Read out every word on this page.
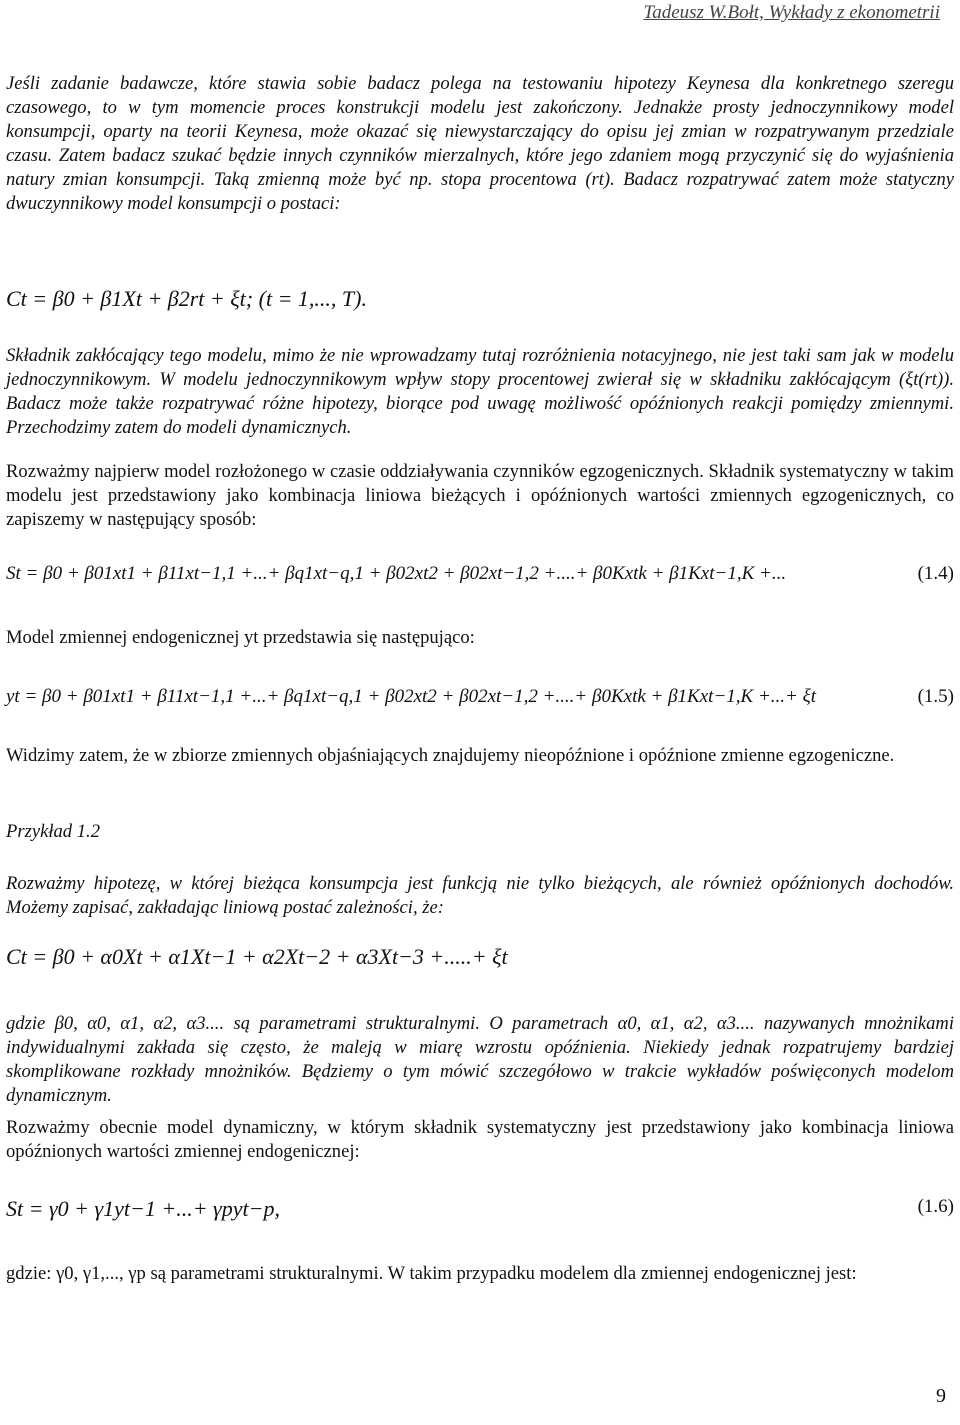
Tadeusz W.Bołt, Wykłady z ekonometrii
Jeśli zadanie badawcze, które stawia sobie badacz polega na testowaniu hipotezy Keynesa dla konkretnego szeregu czasowego, to w tym momencie proces konstrukcji modelu jest zakończony. Jednakże prosty jednoczynnikowy model konsumpcji, oparty na teorii Keynesa, może okazać się niewystarczający do opisu jej zmian w rozpatrywanym przedziale czasu. Zatem badacz szukać będzie innych czynników mierzalnych, które jego zdaniem mogą przyczynić się do wyjaśnienia natury zmian konsumpcji. Taką zmienną może być np. stopa procentowa (rt). Badacz rozpatrywać zatem może statyczny dwuczynnikowy model konsumpcji o postaci:
Ct = β0 + β1Xt + β2rt + ξt; (t = 1,..., T).
Składnik zakłócający tego modelu, mimo że nie wprowadzamy tutaj rozróżnienia notacyjnego, nie jest taki sam jak w modelu jednoczynnikowym. W modelu jednoczynnikowym wpływ stopy procentowej zwierał się w składniku zakłócającym (ξt(rt)). Badacz może także rozpatrywać różne hipotezy, biorące pod uwagę możliwość opóźnionych reakcji pomiędzy zmiennymi. Przechodzimy zatem do modeli dynamicznych.
Rozważmy najpierw model rozłożonego w czasie oddziaływania czynników egzogenicznych. Składnik systematyczny w takim modelu jest przedstawiony jako kombinacja liniowa bieżących i opóźnionych wartości zmiennych egzogenicznych, co zapiszemy w następujący sposób:
St = β0 + β01xt1 + β11xt−1,1 +...+ βq1xt−q,1 + β02xt2 + β02xt−1,2 +....+ β0Kxtk + β1Kxt−1,K +...	(1.4)
Model zmiennej endogenicznej yt przedstawia się następująco:
yt = β0 + β01xt1 + β11xt−1,1 +...+ βq1xt−q,1 + β02xt2 + β02xt−1,2 +....+ β0Kxtk + β1Kxt−1,K +...+ ξt	(1.5)
Widzimy zatem, że w zbiorze zmiennych objaśniających znajdujemy nieopóźnione i opóźnione zmienne egzogeniczne.
Przykład 1.2
Rozważmy hipotezę, w której bieżąca konsumpcja jest funkcją nie tylko bieżących, ale również opóźnionych dochodów. Możemy zapisać, zakładając liniową postać zależności, że:
Ct = β0 + α0Xt + α1Xt−1 + α2Xt−2 + α3Xt−3 +.....+ ξt
gdzie β0, α0, α1, α2, α3.... są parametrami strukturalnymi. O parametrach α0, α1, α2, α3.... nazywanych mnożnikami indywidualnymi zakłada się często, że maleją w miarę wzrostu opóźnienia. Niekiedy jednak rozpatrujemy bardziej skomplikowane rozkłady mnożników. Będziemy o tym mówić szczegółowo w trakcie wykładów poświęconych modelom dynamicznym.
Rozważmy obecnie model dynamiczny, w którym składnik systematyczny jest przedstawiony jako kombinacja liniowa opóźnionych wartości zmiennej endogenicznej:
St = γ0 + γ1yt−1 +...+ γpyt−p,	(1.6)
gdzie: γ0, γ1,..., γp są parametrami strukturalnymi. W takim przypadku modelem dla zmiennej endogenicznej jest:
9
